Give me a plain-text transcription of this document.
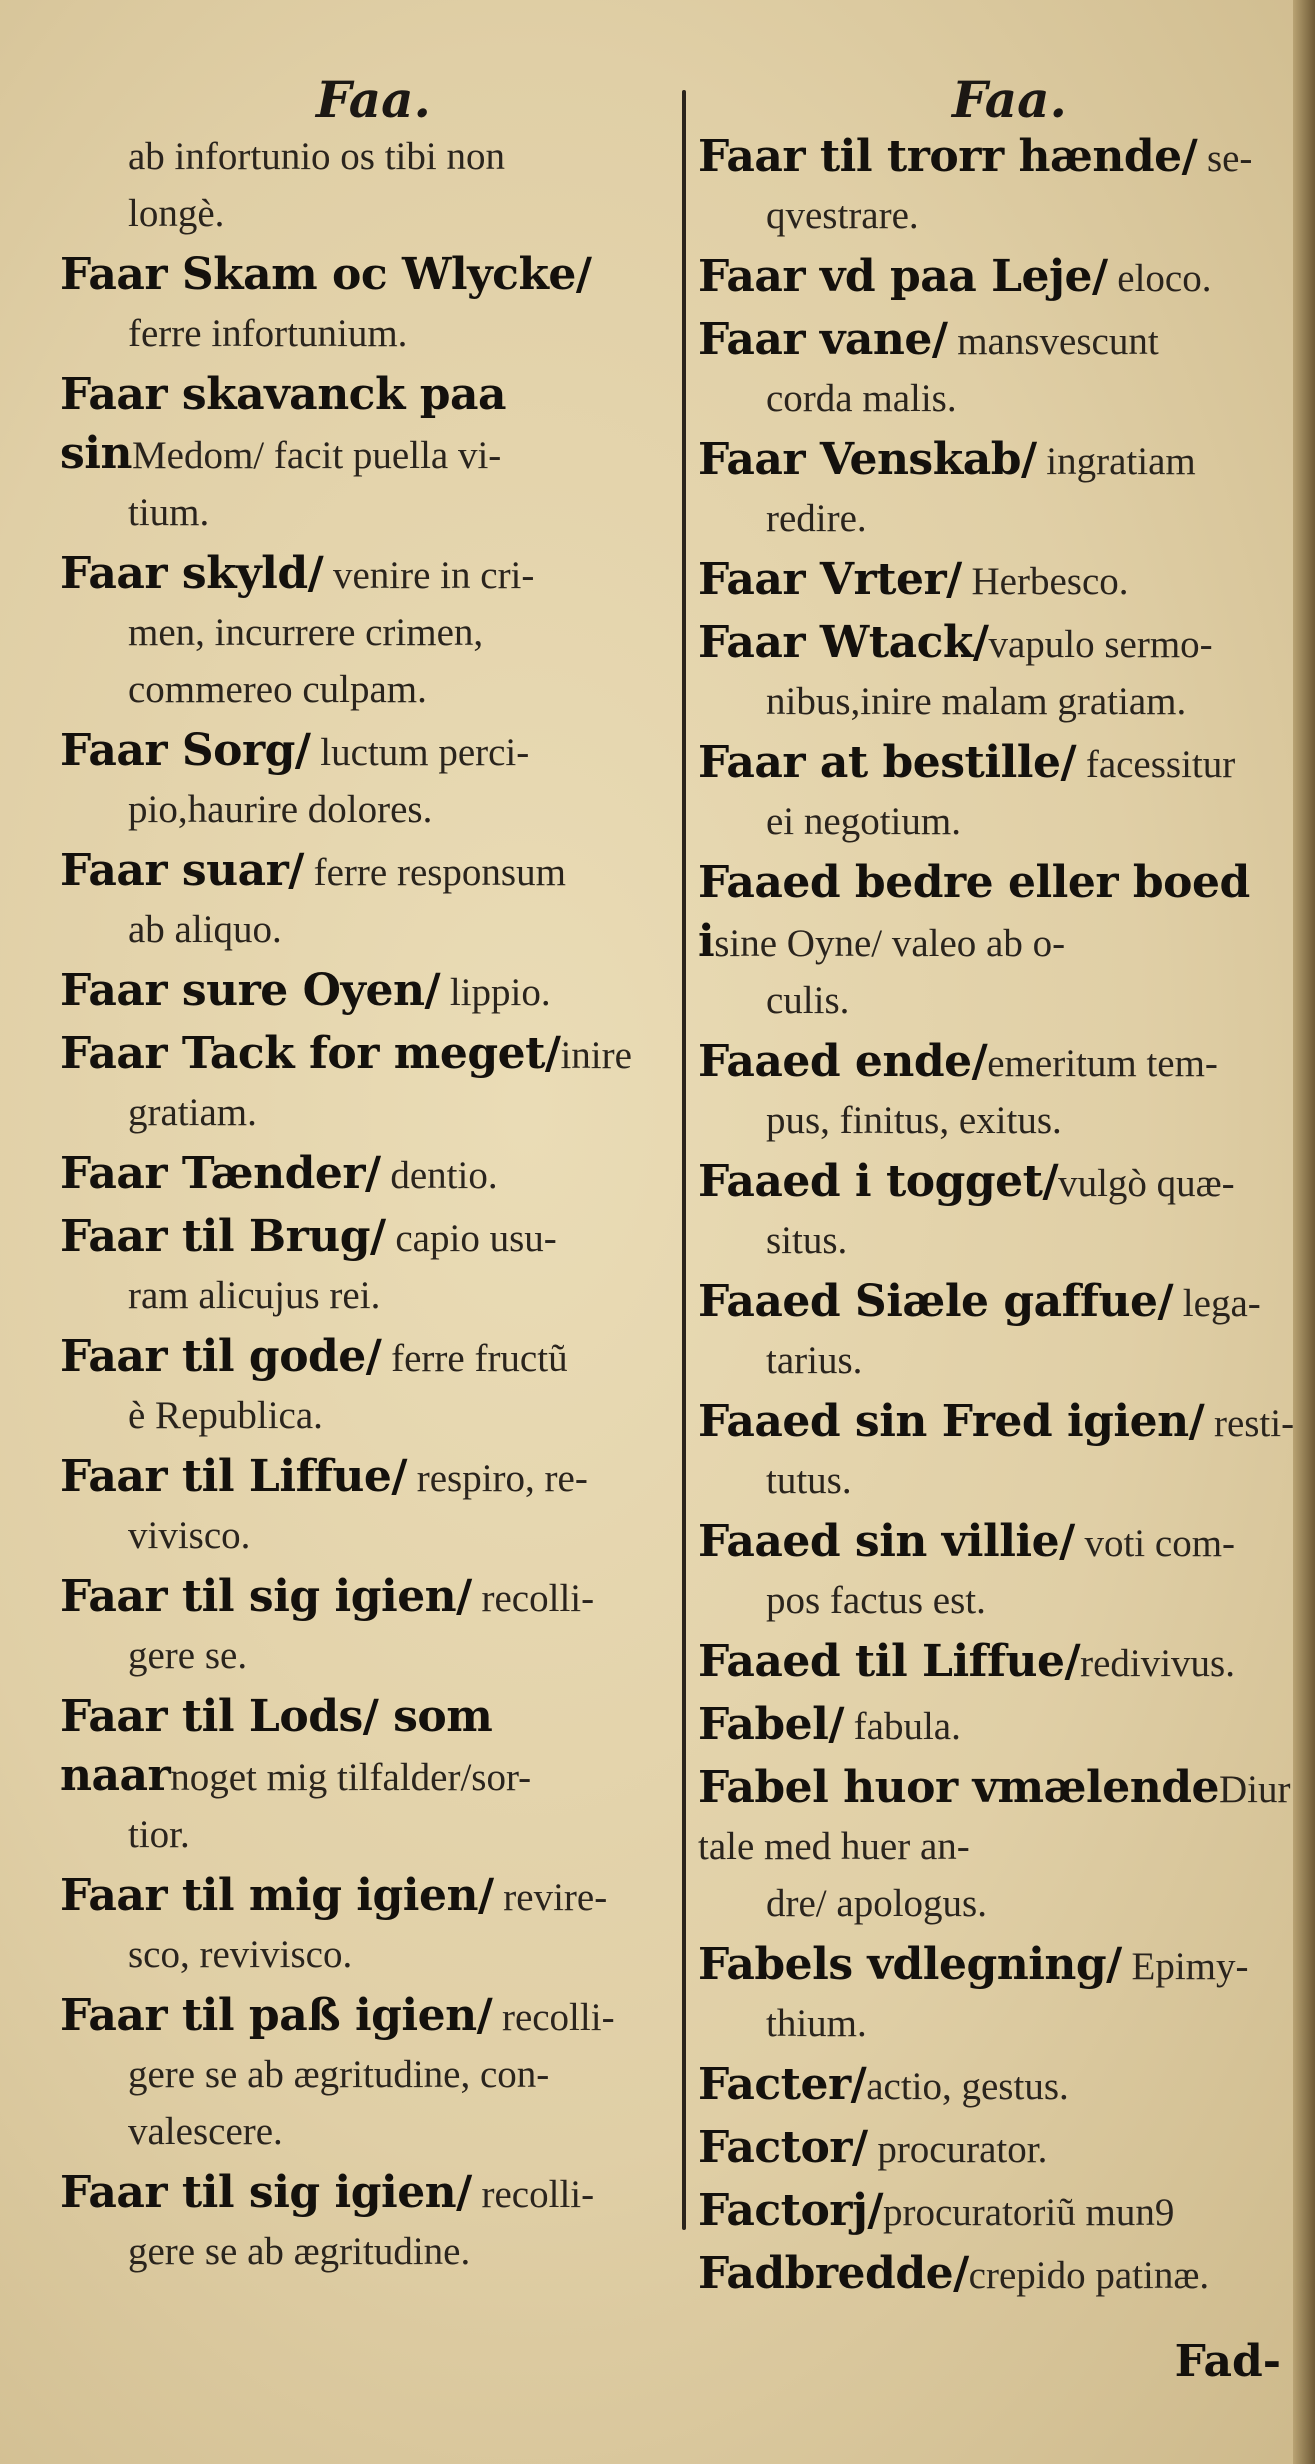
Faa.	Faa.
ab infortunio os tibi non
longè.
Faar Skam oc Wlycke/
ferre infortunium.
Faar skavanck paa sinMedom/ facit puella vi-
tium.
Faar skyld/ venire in cri-
men, incurrere crimen,
commereo culpam.
Faar Sorg/ luctum perci-
pio,haurire dolores.
Faar suar/ ferre responsum
ab aliquo.
Faar sure Oyen/ lippio.
Faar Tack for meget/inire
gratiam.
Faar Tænder/ dentio.
Faar til Brug/ capio usu-
ram alicujus rei.
Faar til gode/ ferre fructũ
è Republica.
Faar til Liffue/ respiro, re-
vivisco.
Faar til sig igien/ recolli-
gere se.
Faar til Lods/ som naarnoget mig tilfalder/sor-
tior.
Faar til mig igien/ revire-
sco, revivisco.
Faar til paß igien/ recolli-
gere se ab ægritudine, con-
valescere.
Faar til sig igien/ recolli-
gere se ab ægritudine.
Faar til trorr hænde/ se-
qvestrare.
Faar vd paa Leje/ eloco.
Faar vane/ mansvescunt
corda malis.
Faar Venskab/ ingratiam
redire.
Faar Vrter/ Herbesco.
Faar Wtack/vapulo sermo-
nibus,inire malam gratiam.
Faar at bestille/ facessitur
ei negotium.
Faaed bedre eller boed isine Oyne/ valeo ab o-
culis.
Faaed ende/emeritum tem-
pus, finitus, exitus.
Faaed i togget/vulgò quæ-
situs.
Faaed Siæle gaffue/ lega-
tarius.
Faaed sin Fred igien/ resti-
tutus.
Faaed sin villie/ voti com-
pos factus est.
Faaed til Liffue/redivivus.
Fabel/ fabula.
Fabel huor vmælendeDiur tale med huer an-
dre/ apologus.
Fabels vdlegning/ Epimy-
thium.
Facter/actio, gestus.
Factor/ procurator.
Factorj/procuratoriũ mun9
Fadbredde/crepido patinæ.
Fad-
